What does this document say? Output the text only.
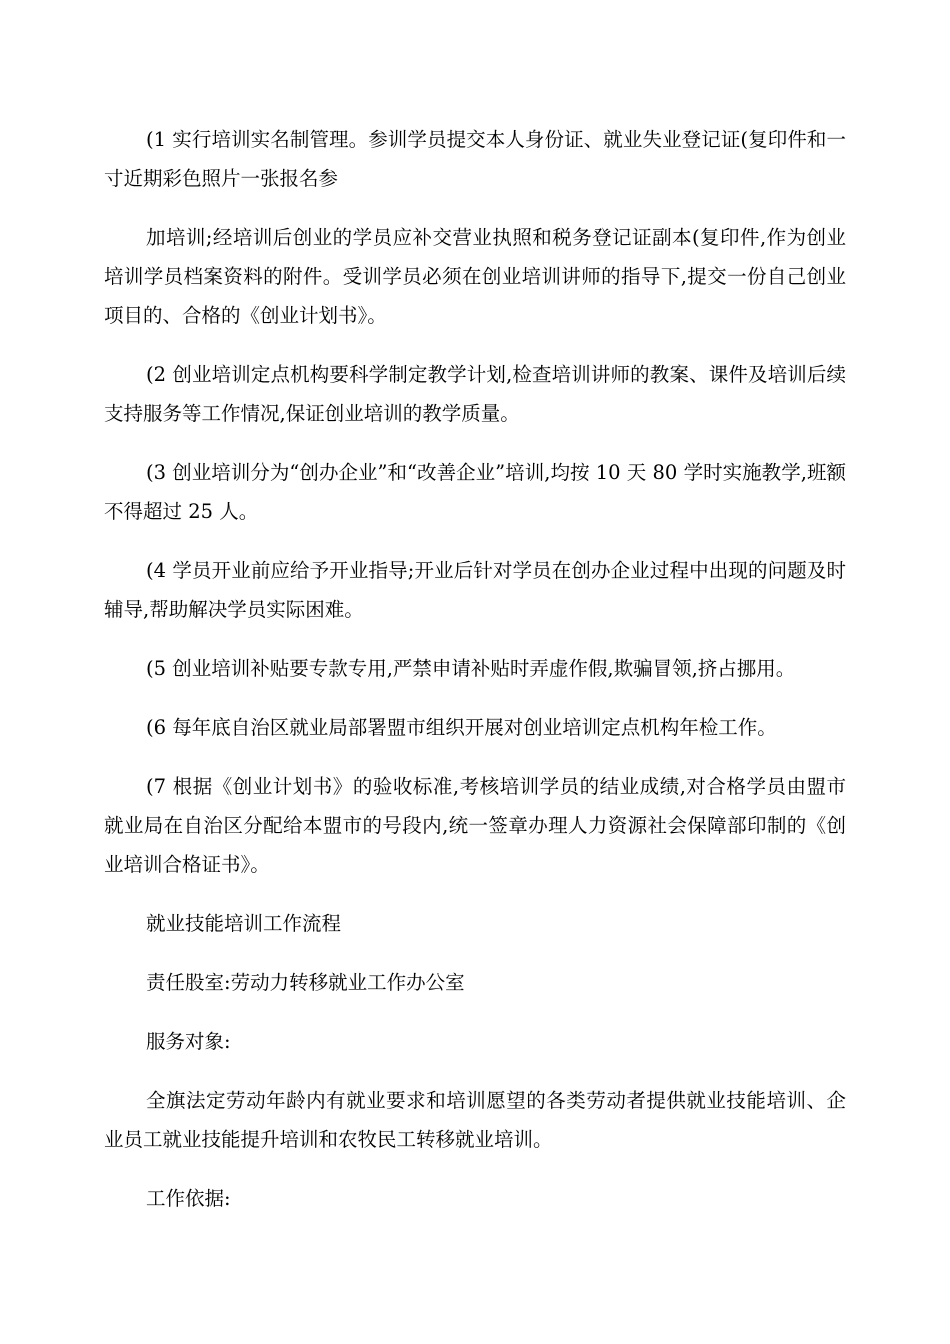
(1 实行培训实名制管理。参训学员提交本人身份证、就业失业登记证(复印件和一寸近期彩色照片一张报名参

加培训;经培训后创业的学员应补交营业执照和税务登记证副本(复印件,作为创业培训学员档案资料的附件。受训学员必须在创业培训讲师的指导下,提交一份自己创业项目的、合格的《创业计划书》。

(2 创业培训定点机构要科学制定教学计划,检查培训讲师的教案、课件及培训后续支持服务等工作情况,保证创业培训的教学质量。

(3 创业培训分为“创办企业”和“改善企业”培训,均按 10 天 80 学时实施教学,班额不得超过 25 人。

(4 学员开业前应给予开业指导;开业后针对学员在创办企业过程中出现的问题及时辅导,帮助解决学员实际困难。

(5 创业培训补贴要专款专用,严禁申请补贴时弄虚作假,欺骗冒领,挤占挪用。

(6 每年底自治区就业局部署盟市组织开展对创业培训定点机构年检工作。

(7 根据《创业计划书》的验收标准,考核培训学员的结业成绩,对合格学员由盟市就业局在自治区分配给本盟市的号段内,统一签章办理人力资源社会保障部印制的《创业培训合格证书》。

就业技能培训工作流程

责任股室:劳动力转移就业工作办公室

服务对象:

全旗法定劳动年龄内有就业要求和培训愿望的各类劳动者提供就业技能培训、企业员工就业技能提升培训和农牧民工转移就业培训。

工作依据:
